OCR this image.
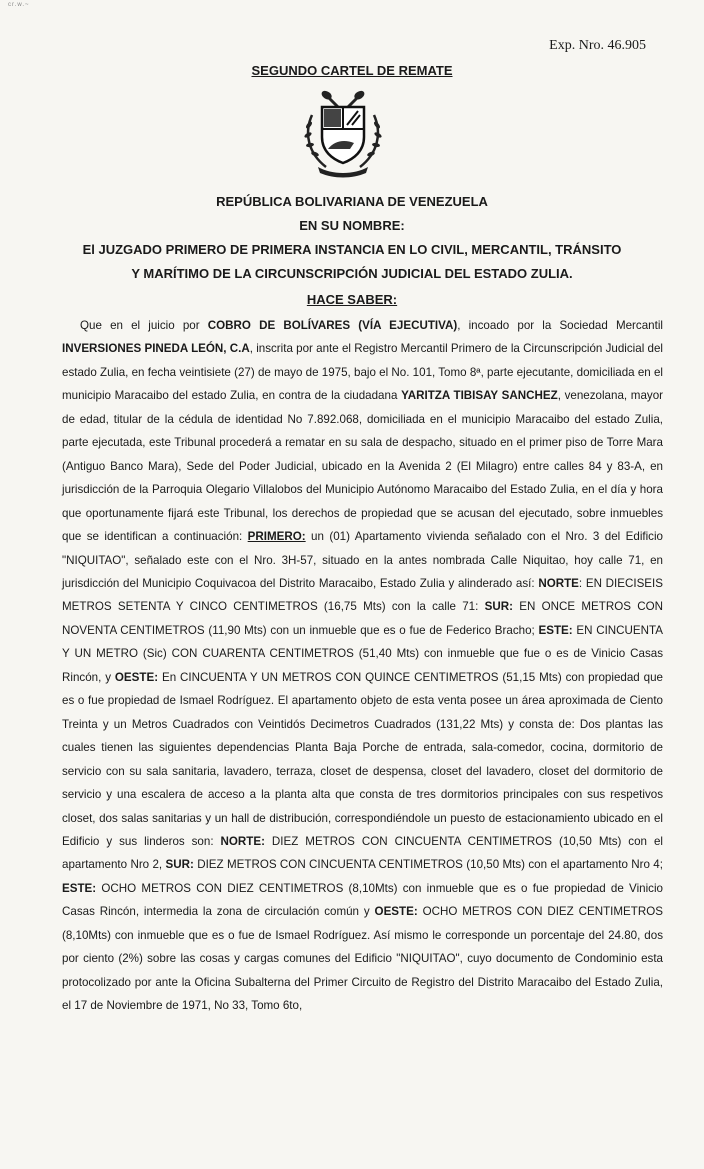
cr.w.~
Exp. Nro. 46.905
SEGUNDO CARTEL DE REMATE
REPÚBLICA BOLIVARIANA DE VENEZUELA
EN SU NOMBRE:
El JUZGADO PRIMERO DE PRIMERA INSTANCIA EN LO CIVIL, MERCANTIL, TRÁNSITO
Y MARÍTIMO DE LA CIRCUNSCRIPCIÓN JUDICIAL DEL ESTADO ZULIA.
HACE SABER:
Que en el juicio por COBRO DE BOLÍVARES (VÍA EJECUTIVA), incoado por la Sociedad Mercantil INVERSIONES PINEDA LEÓN, C.A, inscrita por ante el Registro Mercantil Primero de la Circunscripción Judicial del estado Zulia, en fecha veintisiete (27) de mayo de 1975, bajo el No. 101, Tomo 8ª, parte ejecutante, domiciliada en el municipio Maracaibo del estado Zulia, en contra de la ciudadana YARITZA TIBISAY SANCHEZ, venezolana, mayor de edad, titular de la cédula de identidad No 7.892.068, domiciliada en el municipio Maracaibo del estado Zulia, parte ejecutada, este Tribunal procederá a rematar en su sala de despacho, situado en el primer piso de Torre Mara (Antiguo Banco Mara), Sede del Poder Judicial, ubicado en la Avenida 2 (El Milagro) entre calles 84 y 83-A, en jurisdicción de la Parroquia Olegario Villalobos del Municipio Autónomo Maracaibo del Estado Zulia, en el día y hora que oportunamente fijará este Tribunal, los derechos de propiedad que se acusan del ejecutado, sobre inmuebles que se identifican a continuación: PRIMERO: un (01) Apartamento vivienda señalado con el Nro. 3 del Edificio "NIQUITAO", señalado este con el Nro. 3H-57, situado en la antes nombrada Calle Niquitao, hoy calle 71, en jurisdicción del Municipio Coquivacoa del Distrito Maracaibo, Estado Zulia y alinderado así: NORTE: EN DIECISEIS METROS SETENTA Y CINCO CENTIMETROS (16,75 Mts) con la calle 71: SUR: EN ONCE METROS CON NOVENTA CENTIMETROS (11,90 Mts) con un inmueble que es o fue de Federico Bracho; ESTE: EN CINCUENTA Y UN METRO (Sic) CON CUARENTA CENTIMETROS (51,40 Mts) con inmueble que fue o es de Vinicio Casas Rincón, y OESTE: En CINCUENTA Y UN METROS CON QUINCE CENTIMETROS (51,15 Mts) con propiedad que es o fue propiedad de Ismael Rodríguez. El apartamento objeto de esta venta posee un área aproximada de Ciento Treinta y un Metros Cuadrados con Veintidós Decimetros Cuadrados (131,22 Mts) y consta de: Dos plantas las cuales tienen las siguientes dependencias Planta Baja Porche de entrada, sala-comedor, cocina, dormitorio de servicio con su sala sanitaria, lavadero, terraza, closet de despensa, closet del lavadero, closet del dormitorio de servicio y una escalera de acceso a la planta alta que consta de tres dormitorios principales con sus respetivos closet, dos salas sanitarias y un hall de distribución, correspondiéndole un puesto de estacionamiento ubicado en el Edificio y sus linderos son: NORTE: DIEZ METROS CON CINCUENTA CENTIMETROS (10,50 Mts) con el apartamento Nro 2, SUR: DIEZ METROS CON CINCUENTA CENTIMETROS (10,50 Mts) con el apartamento Nro 4; ESTE: OCHO METROS CON DIEZ CENTIMETROS (8,10Mts) con inmueble que es o fue propiedad de Vinicio Casas Rincón, intermedia la zona de circulación común y OESTE: OCHO METROS CON DIEZ CENTIMETROS (8,10Mts) con inmueble que es o fue de Ismael Rodríguez. Así mismo le corresponde un porcentaje del 24.80, dos por ciento (2%) sobre las cosas y cargas comunes del Edificio "NIQUITAO", cuyo documento de Condominio esta protocolizado por ante la Oficina Subalterna del Primer Circuito de Registro del Distrito Maracaibo del Estado Zulia, el 17 de Noviembre de 1971, No 33, Tomo 6to,
